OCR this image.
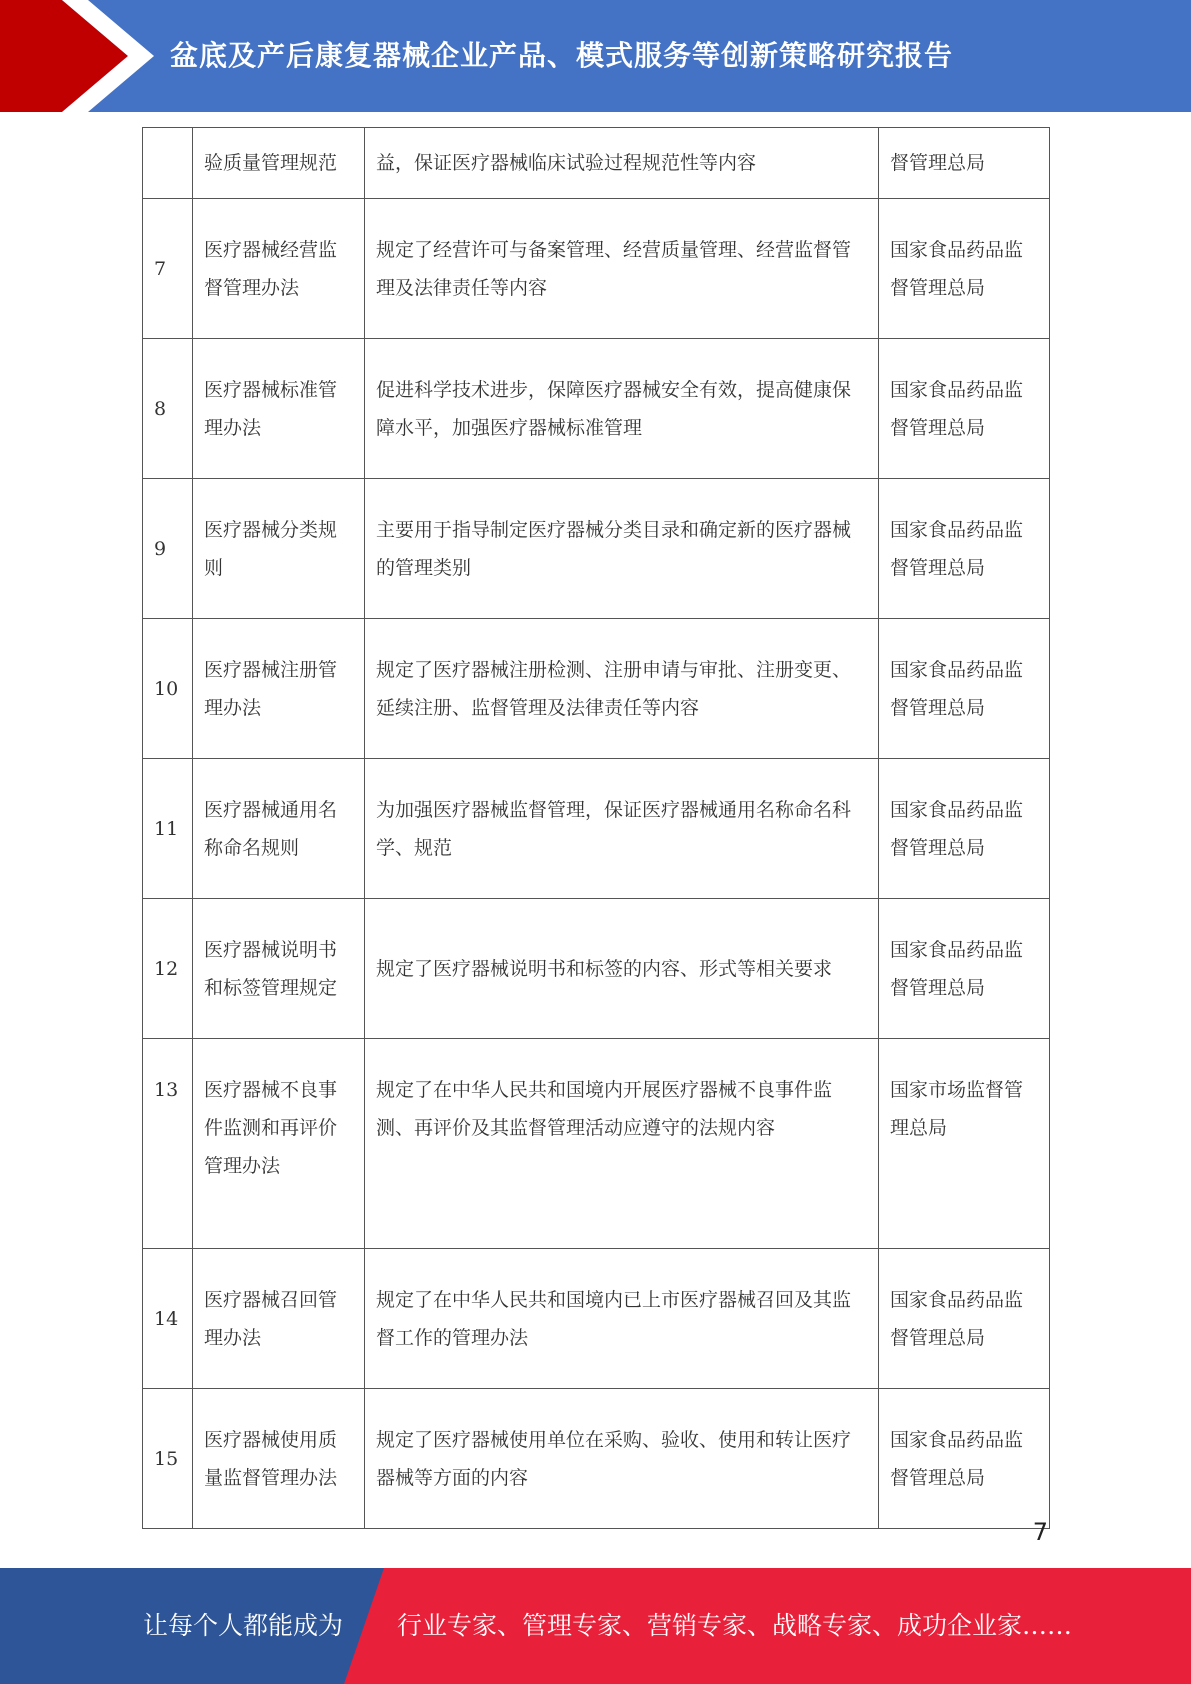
盆底及产后康复器械企业产品、模式服务等创新策略研究报告
	验质量管理规范	益，保证医疗器械临床试验过程规范性等内容	督管理总局
7	医疗器械经营监督管理办法	规定了经营许可与备案管理、经营质量管理、经营监督管理及法律责任等内容	国家食品药品监督管理总局
8	医疗器械标准管理办法	促进科学技术进步，保障医疗器械安全有效，提高健康保障水平，加强医疗器械标准管理	国家食品药品监督管理总局
9	医疗器械分类规则	主要用于指导制定医疗器械分类目录和确定新的医疗器械的管理类别	国家食品药品监督管理总局
10	医疗器械注册管理办法	规定了医疗器械注册检测、注册申请与审批、注册变更、延续注册、监督管理及法律责任等内容	国家食品药品监督管理总局
11	医疗器械通用名称命名规则	为加强医疗器械监督管理，保证医疗器械通用名称命名科学、规范	国家食品药品监督管理总局
12	医疗器械说明书和标签管理规定	规定了医疗器械说明书和标签的内容、形式等相关要求	国家食品药品监督管理总局
13	医疗器械不良事件监测和再评价管理办法	规定了在中华人民共和国境内开展医疗器械不良事件监测、再评价及其监督管理活动应遵守的法规内容	国家市场监督管理总局
14	医疗器械召回管理办法	规定了在中华人民共和国境内已上市医疗器械召回及其监督工作的管理办法	国家食品药品监督管理总局
15	医疗器械使用质量监督管理办法	规定了医疗器械使用单位在采购、验收、使用和转让医疗器械等方面的内容	国家食品药品监督管理总局
7
让每个人都能成为 行业专家、管理专家、营销专家、战略专家、成功企业家……
